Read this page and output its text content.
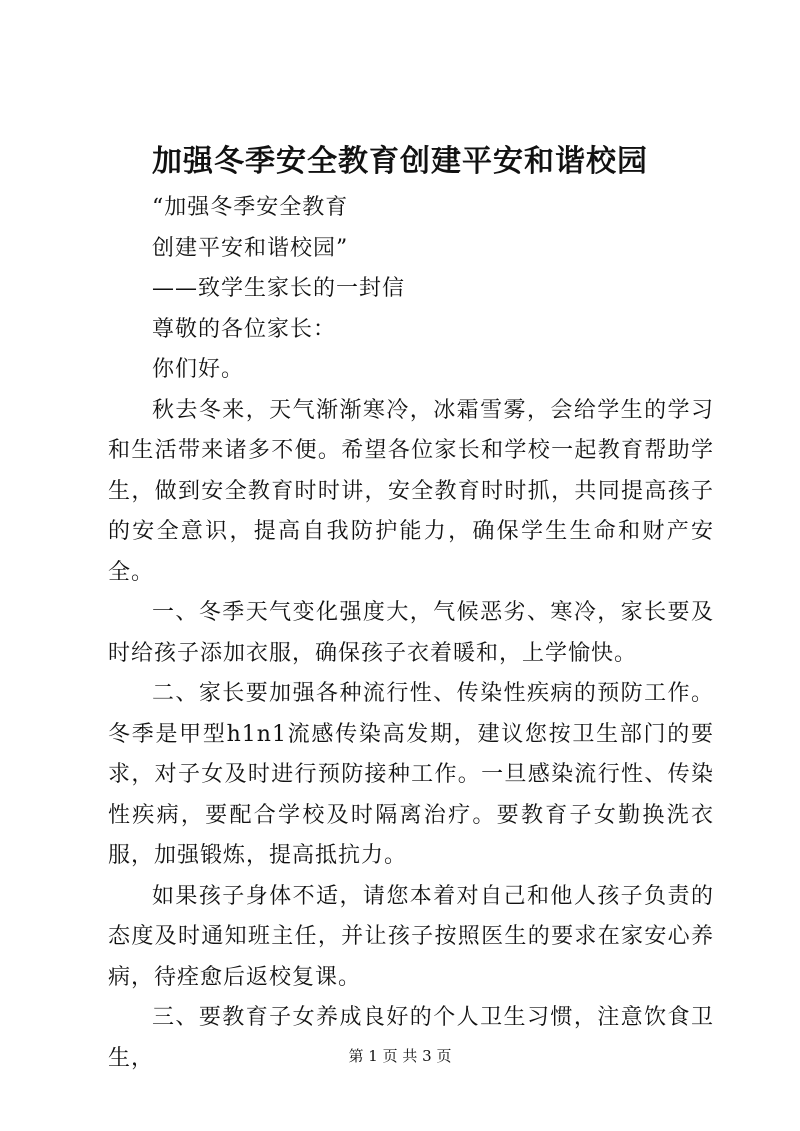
加强冬季安全教育创建平安和谐校园

“加强冬季安全教育

创建平安和谐校园”

——致学生家长的一封信

尊敬的各位家长：

你们好。

秋去冬来，天气渐渐寒冷，冰霜雪雾，会给学生的学习和生活带来诸多不便。希望各位家长和学校一起教育帮助学生，做到安全教育时时讲，安全教育时时抓，共同提高孩子的安全意识，提高自我防护能力，确保学生生命和财产安全。

一、冬季天气变化强度大，气候恶劣、寒冷，家长要及时给孩子添加衣服，确保孩子衣着暖和，上学愉快。

二、家长要加强各种流行性、传染性疾病的预防工作。冬季是甲型h1n1流感传染高发期，建议您按卫生部门的要求，对子女及时进行预防接种工作。一旦感染流行性、传染性疾病，要配合学校及时隔离治疗。要教育子女勤换洗衣服，加强锻炼，提高抵抗力。

如果孩子身体不适，请您本着对自己和他人孩子负责的态度及时通知班主任，并让孩子按照医生的要求在家安心养病，待痊愈后返校复课。

三、要教育子女养成良好的个人卫生习惯，注意饮食卫生，	第 1 页 共 3 页
